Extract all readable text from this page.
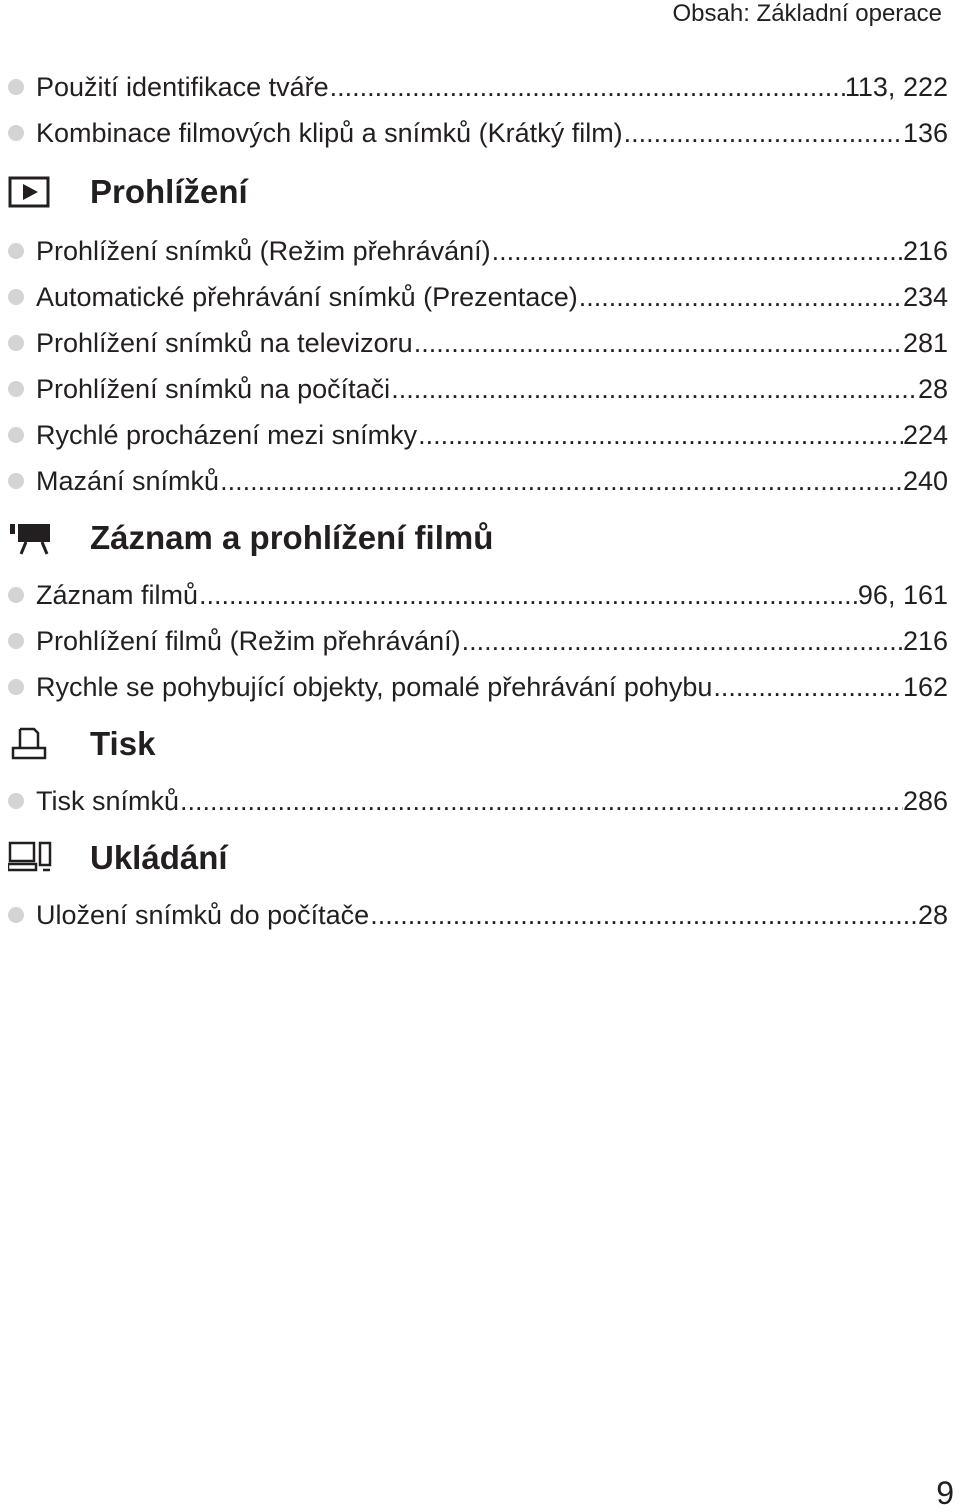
Obsah: Základní operace
Použití identifikace tváře .....	113, 222
Kombinace filmových klipů a snímků (Krátký film) .....	136
Prohlížení
Prohlížení snímků (Režim přehrávání) .....	216
Automatické přehrávání snímků (Prezentace) .....	234
Prohlížení snímků na televizoru .....	281
Prohlížení snímků na počítači .....	28
Rychlé procházení mezi snímky .....	224
Mazání snímků .....	240
Záznam a prohlížení filmů
Záznam filmů .....	96, 161
Prohlížení filmů (Režim přehrávání) .....	216
Rychle se pohybující objekty, pomalé přehrávání pohybu .....	162
Tisk
Tisk snímků .....	286
Ukládání
Uložení snímků do počítače .....	28
9
